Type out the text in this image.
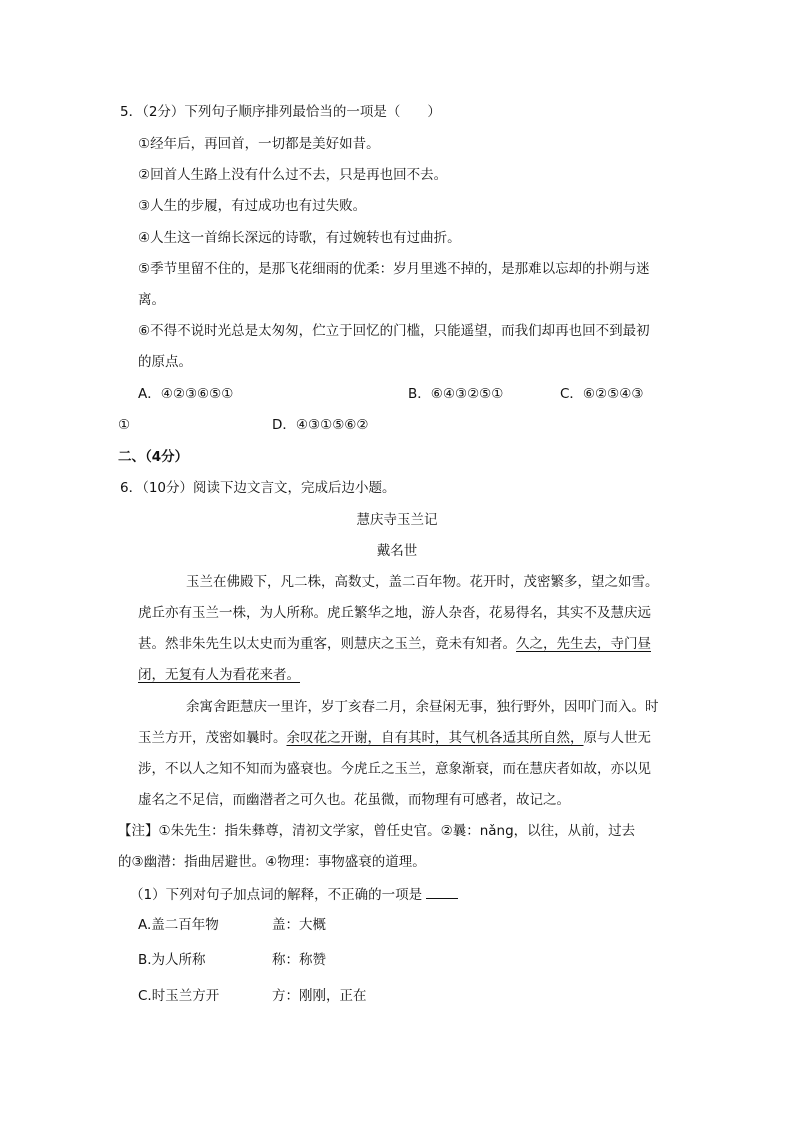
5．（2分）下列句子顺序排列最恰当的一项是（　　）
①经年后，再回首，一切都是美好如昔。
②回首人生路上没有什么过不去，只是再也回不去。
③人生的步履，有过成功也有过失败。
④人生这一首绵长深远的诗歌，有过婉转也有过曲折。
⑤季节里留不住的，是那飞花细雨的优柔：岁月里逃不掉的，是那难以忘却的扑朔与迷
离。
⑥不得不说时光总是太匆匆，伫立于回忆的门槛，只能遥望，而我们却再也回不到最初
的原点。
A．④②③⑥⑤①	B．⑥④③②⑤①	C．⑥②⑤④③
①	D．④③①⑤⑥②
二、（4分）
6．（10分）阅读下边文言文，完成后边小题。
慧庆寺玉兰记
戴名世
玉兰在佛殿下，凡二株，高数丈，盖二百年物。花开时，茂密繁多，望之如雪。
虎丘亦有玉兰一株，为人所称。虎丘繁华之地，游人杂沓，花易得名，其实不及慧庆远
甚。然非朱先生以太史而为重客，则慧庆之玉兰，竟未有知者。久之，先生去，寺门昼
闭，无复有人为看花来者。
余寓舍距慧庆一里许，岁丁亥春二月，余昼闲无事，独行野外，因叩门而入。时
玉兰方开，茂密如曩时。余叹花之开谢，自有其时，其气机各适其所自然，原与人世无
涉，不以人之知不知而为盛衰也。今虎丘之玉兰，意象渐衰，而在慧庆者如故，亦以见
虚名之不足信，而幽潜者之可久也。花虽微，而物理有可感者，故记之。
【注】①朱先生：指朱彝尊，清初文学家，曾任史官。②曩：nǎng，以往，从前，过去
的③幽潜：指曲居避世。④物理：事物盛衰的道理。
（1）下列对句子加点词的解释，不正确的一项是
A.盖二百年物	盖：大概
B.为人所称	称：称赞
C.时玉兰方开	方：刚刚，正在
